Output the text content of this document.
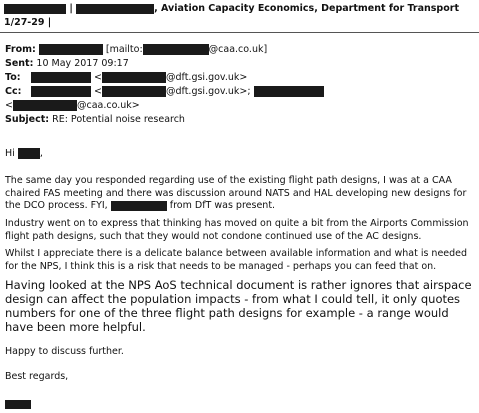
|	, Aviation Capacity Economics, Department for Transport
1/27-29 |
From:	[mailto:	@caa.co.uk]
Sent: 10 May 2017 09:17
To:	<	@dft.gsi.gov.uk>
Cc:	<	@dft.gsi.gov.uk>;
<	@caa.co.uk>
Subject: RE: Potential noise research
Hi	,
The same day you responded regarding use of the existing flight path designs, I was at a CAA chaired FAS meeting and there was discussion around NATS and HAL developing new designs for the DCO process. FYI,	from DfT was present.
Industry went on to express that thinking has moved on quite a bit from the Airports Commission flight path designs, such that they would not condone continued use of the AC designs.
Whilst I appreciate there is a delicate balance between available information and what is needed for the NPS, I think this is a risk that needs to be managed - perhaps you can feed that on.
Having looked at the NPS AoS technical document is rather ignores that airspace design can affect the population impacts - from what I could tell, it only quotes numbers for one of the three flight path designs for example - a range would have been more helpful.
Happy to discuss further.
Best regards,
